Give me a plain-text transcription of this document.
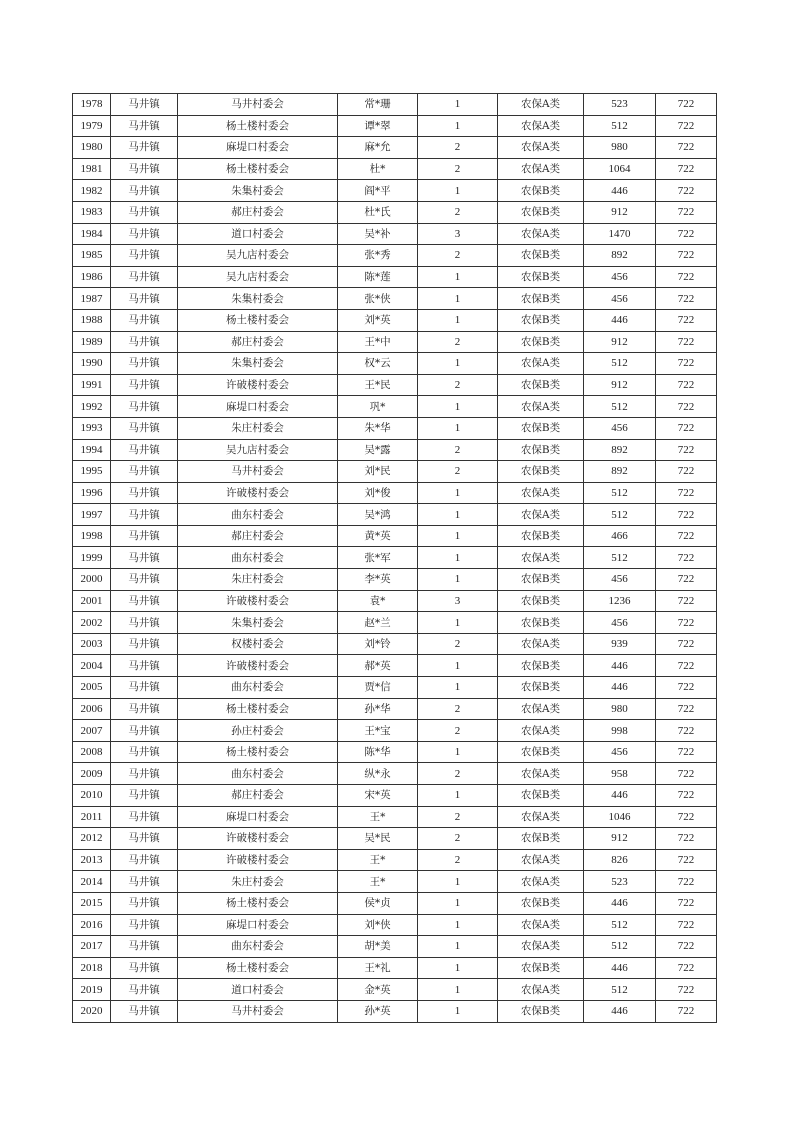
1978	马井镇	马井村委会	常*珊	1	农保A类	523	722
1979	马井镇	杨土楼村委会	谭*翠	1	农保A类	512	722
1980	马井镇	麻堤口村委会	麻*允	2	农保A类	980	722
1981	马井镇	杨土楼村委会	杜*	2	农保A类	1064	722
1982	马井镇	朱集村委会	阎*平	1	农保B类	446	722
1983	马井镇	郝庄村委会	杜*氏	2	农保B类	912	722
1984	马井镇	道口村委会	吴*补	3	农保A类	1470	722
1985	马井镇	吴九店村委会	张*秀	2	农保B类	892	722
1986	马井镇	吴九店村委会	陈*莲	1	农保B类	456	722
1987	马井镇	朱集村委会	张*侠	1	农保B类	456	722
1988	马井镇	杨土楼村委会	刘*英	1	农保B类	446	722
1989	马井镇	郝庄村委会	王*中	2	农保B类	912	722
1990	马井镇	朱集村委会	权*云	1	农保A类	512	722
1991	马井镇	许破楼村委会	王*民	2	农保B类	912	722
1992	马井镇	麻堤口村委会	巩*	1	农保A类	512	722
1993	马井镇	朱庄村委会	朱*华	1	农保B类	456	722
1994	马井镇	吴九店村委会	吴*露	2	农保B类	892	722
1995	马井镇	马井村委会	刘*民	2	农保B类	892	722
1996	马井镇	许破楼村委会	刘*俊	1	农保A类	512	722
1997	马井镇	曲东村委会	吴*鸿	1	农保A类	512	722
1998	马井镇	郝庄村委会	黄*英	1	农保B类	466	722
1999	马井镇	曲东村委会	张*军	1	农保A类	512	722
2000	马井镇	朱庄村委会	李*英	1	农保B类	456	722
2001	马井镇	许破楼村委会	袁*	3	农保B类	1236	722
2002	马井镇	朱集村委会	赵*兰	1	农保B类	456	722
2003	马井镇	权楼村委会	刘*铃	2	农保A类	939	722
2004	马井镇	许破楼村委会	郝*英	1	农保B类	446	722
2005	马井镇	曲东村委会	贾*信	1	农保B类	446	722
2006	马井镇	杨土楼村委会	孙*华	2	农保A类	980	722
2007	马井镇	孙庄村委会	王*宝	2	农保A类	998	722
2008	马井镇	杨土楼村委会	陈*华	1	农保B类	456	722
2009	马井镇	曲东村委会	纵*永	2	农保A类	958	722
2010	马井镇	郝庄村委会	宋*英	1	农保B类	446	722
2011	马井镇	麻堤口村委会	王*	2	农保A类	1046	722
2012	马井镇	许破楼村委会	吴*民	2	农保B类	912	722
2013	马井镇	许破楼村委会	王*	2	农保A类	826	722
2014	马井镇	朱庄村委会	王*	1	农保A类	523	722
2015	马井镇	杨土楼村委会	侯*贞	1	农保B类	446	722
2016	马井镇	麻堤口村委会	刘*侠	1	农保A类	512	722
2017	马井镇	曲东村委会	胡*美	1	农保A类	512	722
2018	马井镇	杨土楼村委会	王*礼	1	农保B类	446	722
2019	马井镇	道口村委会	金*英	1	农保A类	512	722
2020	马井镇	马井村委会	孙*英	1	农保B类	446	722
